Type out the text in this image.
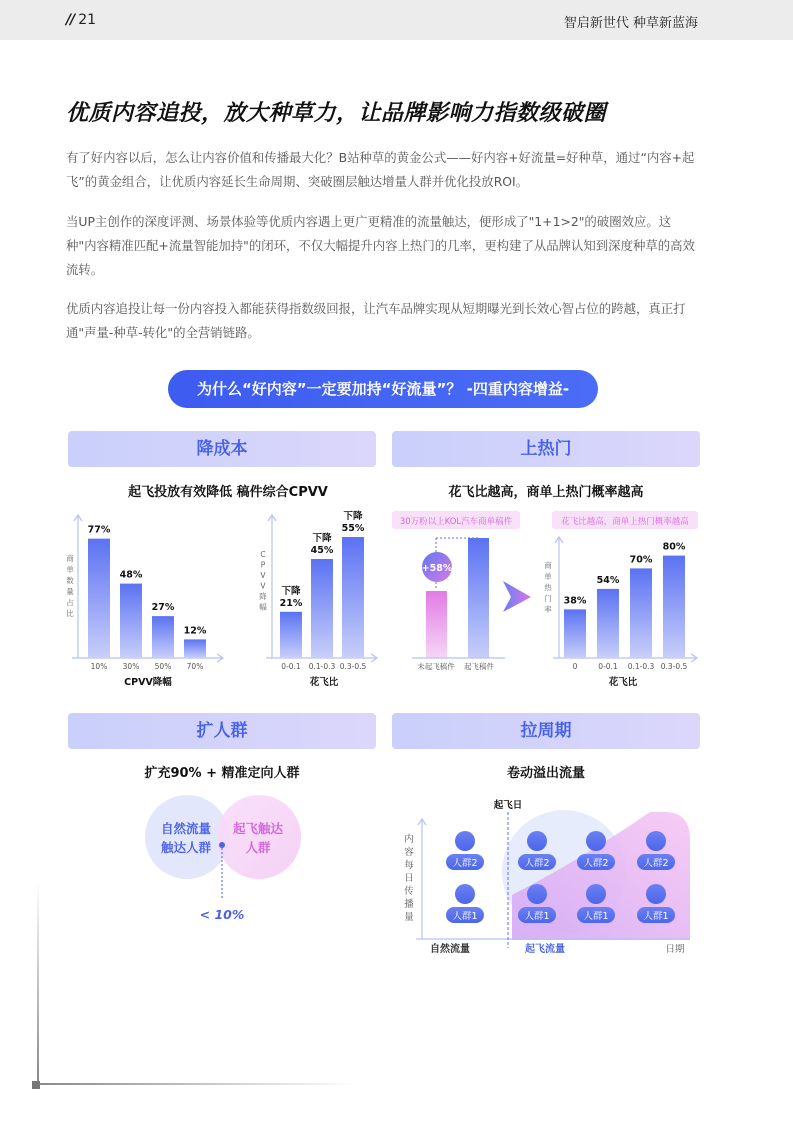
// 21	智启新世代 种草新蓝海
优质内容追投，放大种草力，让品牌影响力指数级破圈

有了好内容以后，怎么让内容价值和传播最大化？B站种草的黄金公式——好内容+好流量=好种草，通过“内容+起飞”的黄金组合，让优质内容延长生命周期、突破圈层触达增量人群并优化投放ROI。

当UP主创作的深度评测、场景体验等优质内容遇上更广更精准的流量触达，便形成了"1+1>2"的破圈效应。这种"内容精准匹配+流量智能加持"的闭环，不仅大幅提升内容上热门的几率，更构建了从品牌认知到深度种草的高效流转。

优质内容追投让每一份内容投入都能获得指数级回报，让汽车品牌实现从短期曝光到长效心智占位的跨越，真正打通"声量-种草-转化"的全营销链路。

为什么“好内容”一定要加持“好流量”？ -四重内容增益-
降成本	上热门
扩人群	拉周期
起飞投放有效降低 稿件综合CPVV	花飞比越高，商单上热门概率越高
扩充90% + 精准定向人群	卷动溢出流量
77%
10%
48%
30%
27%
50%
12%
70%
CPVV降幅
商
单
数
量
占
比
下降
21%
0-0.1
下降
45%
0.1-0.3
下降
55%
0.3-0.5
花飞比
C
P
V
V
降
幅
30万粉以上KOL汽车商单稿件
+58%
未起飞稿件 起飞稿件
花飞比越高，商单上热门概率越高
38%
0
54%
0-0.1
70%
0.1-0.3
80%
0.3-0.5
花飞比
商
单
热
门
率
自然流量
触达人群
起飞触达
人群
< 10%
起飞日
人群2	人群2	人群2	人群2
人群1	人群1	人群1	人群1
自然流量	起飞流量	日期
内
容
每
日
传
播
量
